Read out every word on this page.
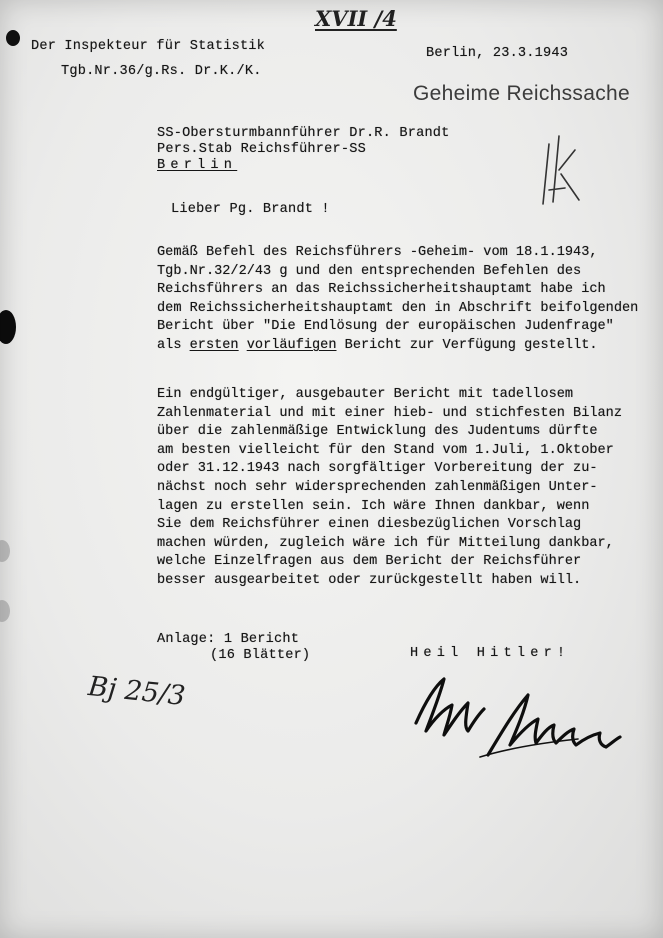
XVII /4
Der Inspekteur für Statistik
Tgb.Nr.36/g.Rs. Dr.K./K.
Berlin, 23.3.1943
Geheime Reichssache
SS-Obersturmbannführer Dr.R. Brandt
Pers.Stab Reichsführer-SS
Berlin
Lieber Pg. Brandt !

Gemäß Befehl des Reichsführers -Geheim- vom 18.1.1943,
Tgb.Nr.32/2/43 g und den entsprechenden Befehlen des
Reichsführers an das Reichssicherheitshauptamt habe ich
dem Reichssicherheitshauptamt den in Abschrift beifolgenden
Bericht über "Die Endlösung der europäischen Judenfrage"
als ersten vorläufigen Bericht zur Verfügung gestellt.

Ein endgültiger, ausgebauter Bericht mit tadellosem
Zahlenmaterial und mit einer hieb- und stichfesten Bilanz
über die zahlenmäßige Entwicklung des Judentums dürfte
am besten vielleicht für den Stand vom 1.Juli, 1.Oktober
oder 31.12.1943 nach sorgfältiger Vorbereitung der zu-
nächst noch sehr widersprechenden zahlenmäßigen Unter-
lagen zu erstellen sein. Ich wäre Ihnen dankbar, wenn
Sie dem Reichsführer einen diesbezüglichen Vorschlag
machen würden, zugleich wäre ich für Mitteilung dankbar,
welche Einzelfragen aus dem Bericht der Reichsführer
besser ausgearbeitet oder zurückgestellt haben will.

Anlage: 1 Bericht
(16 Blätter)	Heil Hitler!
Bj 25/3
